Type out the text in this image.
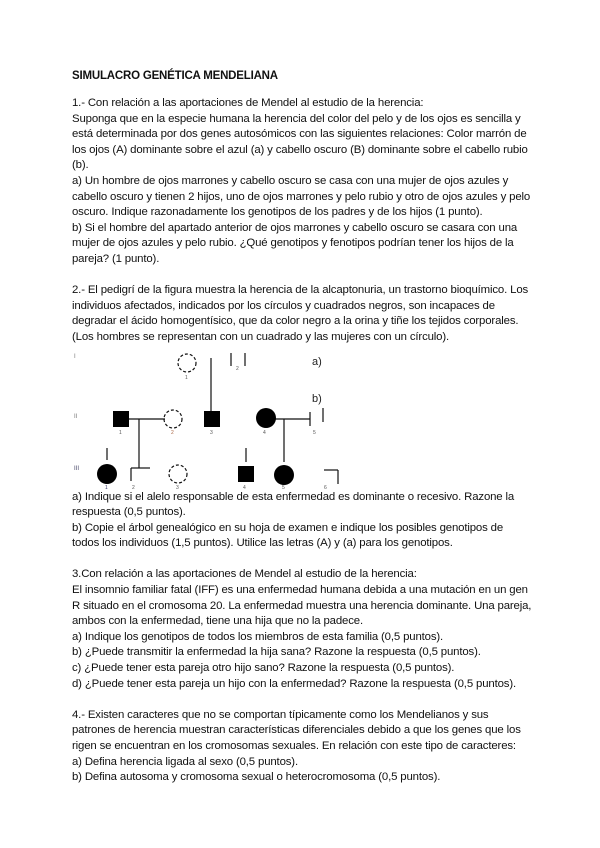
SIMULACRO GENÉTICA MENDELIANA

1.- Con relación a las aportaciones de Mendel al estudio de la herencia:

Suponga que en la especie humana la herencia del color del pelo y de los ojos es sencilla y está determinada por dos genes autosómicos con las siguientes relaciones: Color marrón de los ojos (A) dominante sobre el azul (a) y cabello oscuro (B) dominante sobre el cabello rubio (b).

a) Un hombre de ojos marrones y cabello oscuro se casa con una mujer de ojos azules y cabello oscuro y tienen 2 hijos, uno de ojos marrones y pelo rubio y otro de ojos azules y pelo oscuro. Indique razonadamente los genotipos de los padres y de los hijos (1 punto).

b) Si el hombre del apartado anterior de ojos marrones y cabello oscuro se casara con una mujer de ojos azules y pelo rubio. ¿Qué genotipos y fenotipos podrían tener los hijos de la pareja? (1 punto).

2.- El pedigrí de la figura muestra la herencia de la alcaptonuria, un trastorno bioquímico. Los individuos afectados, indicados por los círculos y cuadrados negros, son incapaces de degradar el ácido homogentísico, que da color negro a la orina y tiñe los tejidos corporales. (Los hombres se representan con un cuadrado y las mujeres con un círculo).

I
II
III
a)
b)
1
2
1	2	3	4	5
1	2	3	4	5	6

a) Indique si el alelo responsable de esta enfermedad es dominante o recesivo. Razone la respuesta (0,5 puntos).

b) Copie el árbol genealógico en su hoja de examen e indique los posibles genotipos de todos los individuos (1,5 puntos). Utilice las letras (A) y (a) para los genotipos.

3.Con relación a las aportaciones de Mendel al estudio de la herencia:

El insomnio familiar fatal (IFF) es una enfermedad humana debida a una mutación en un gen R situado en el cromosoma 20. La enfermedad muestra una herencia dominante. Una pareja, ambos con la enfermedad, tiene una hija que no la padece.

a) Indique los genotipos de todos los miembros de esta familia (0,5 puntos).

b) ¿Puede transmitir la enfermedad la hija sana? Razone la respuesta (0,5 puntos).

c) ¿Puede tener esta pareja otro hijo sano? Razone la respuesta (0,5 puntos).

d) ¿Puede tener esta pareja un hijo con la enfermedad? Razone la respuesta (0,5 puntos).

4.- Existen caracteres que no se comportan típicamente como los Mendelianos y sus patrones de herencia muestran características diferenciales debido a que los genes que los rigen se encuentran en los cromosomas sexuales. En relación con este tipo de caracteres:

a) Defina herencia ligada al sexo (0,5 puntos).

b) Defina autosoma y cromosoma sexual o heterocromosoma (0,5 puntos).
